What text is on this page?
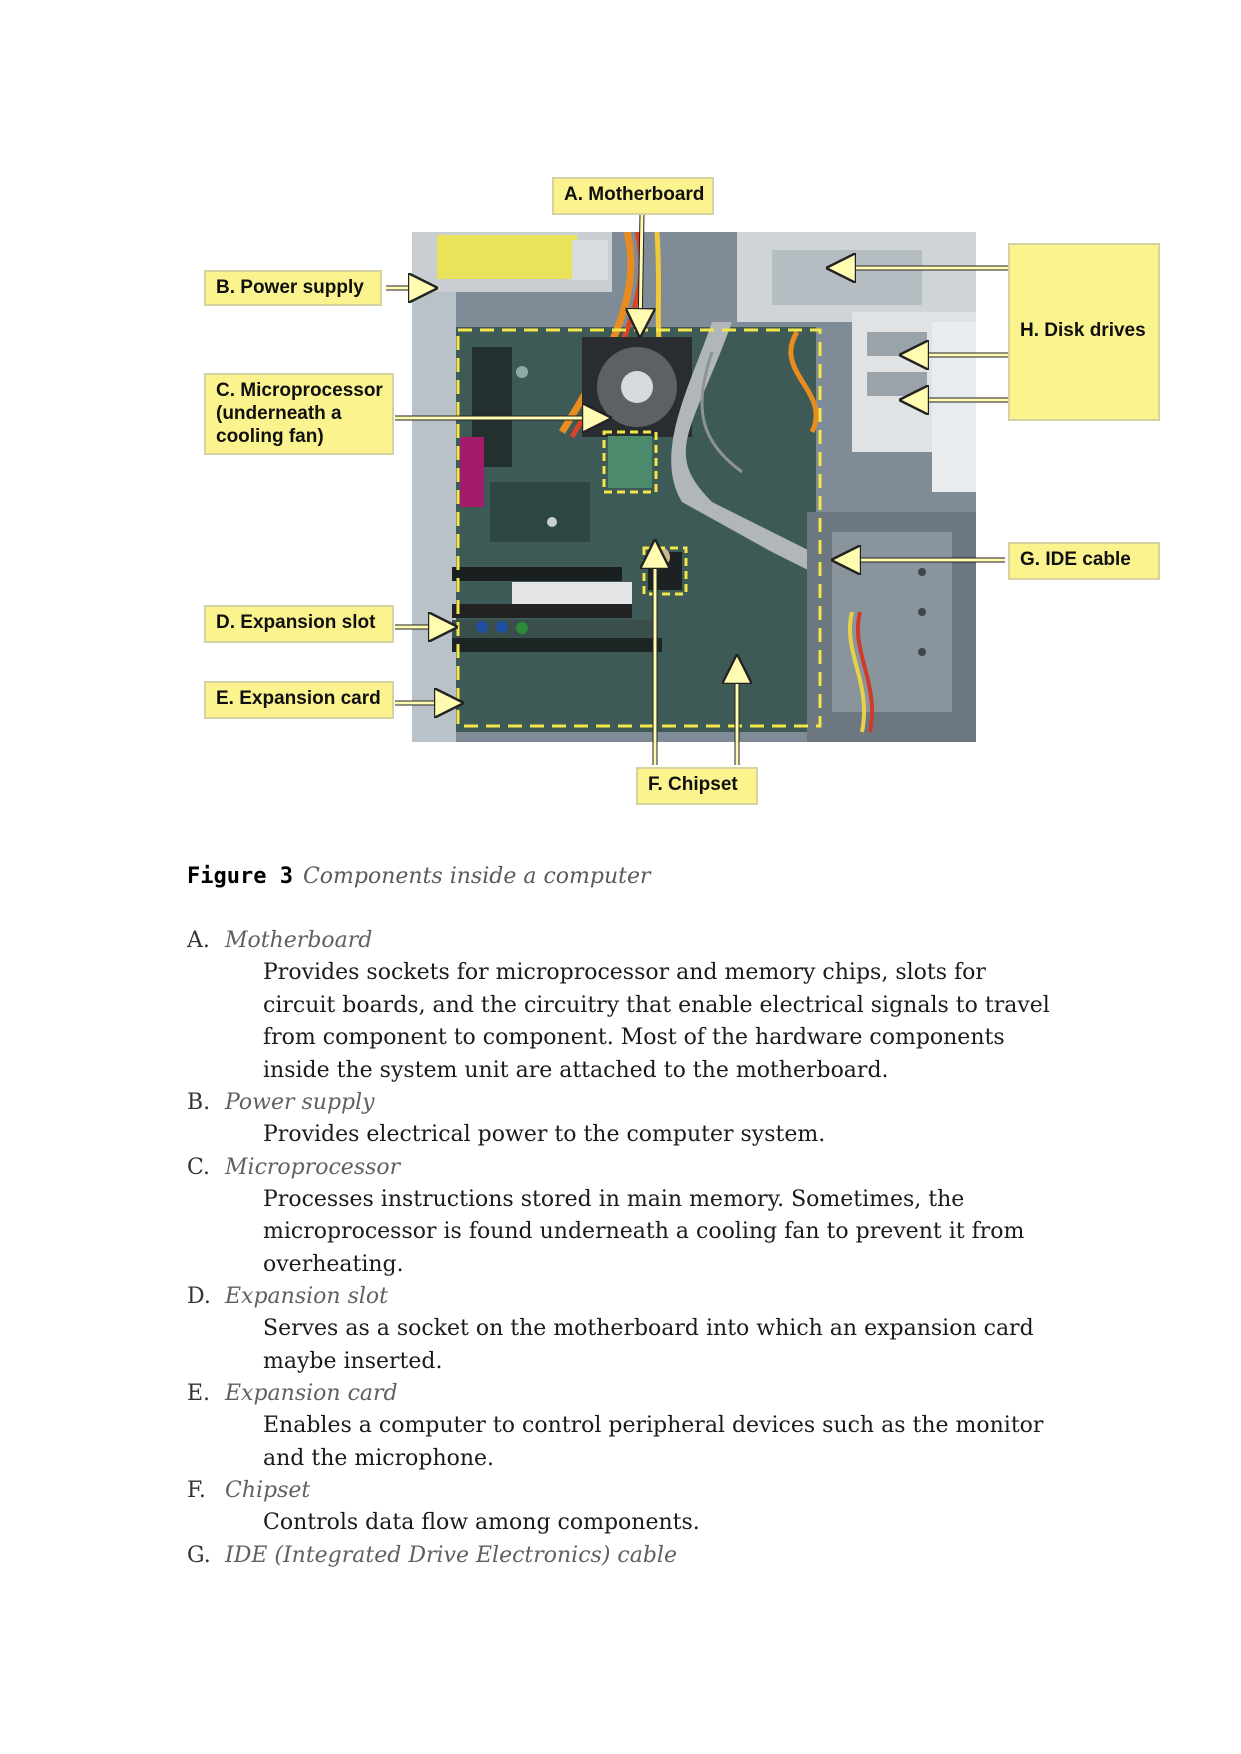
A. Motherboard
B. Power supply
C. Microprocessor
(underneath a
cooling fan)
D. Expansion slot
E. Expansion card
F. Chipset
G. IDE cable
H. Disk drives
Figure 3 Components inside a computer
A. Motherboard
Provides sockets for microprocessor and memory chips, slots for circuit boards, and the circuitry that enable electrical signals to travel from component to component. Most of the hardware components inside the system unit are attached to the motherboard.
B. Power supply
Provides electrical power to the computer system.
C. Microprocessor
Processes instructions stored in main memory. Sometimes, the microprocessor is found underneath a cooling fan to prevent it from overheating.
D. Expansion slot
Serves as a socket on the motherboard into which an expansion card maybe inserted.
E. Expansion card
Enables a computer to control peripheral devices such as the monitor and the microphone.
F. Chipset
Controls data flow among components.
G. IDE (Integrated Drive Electronics) cable
